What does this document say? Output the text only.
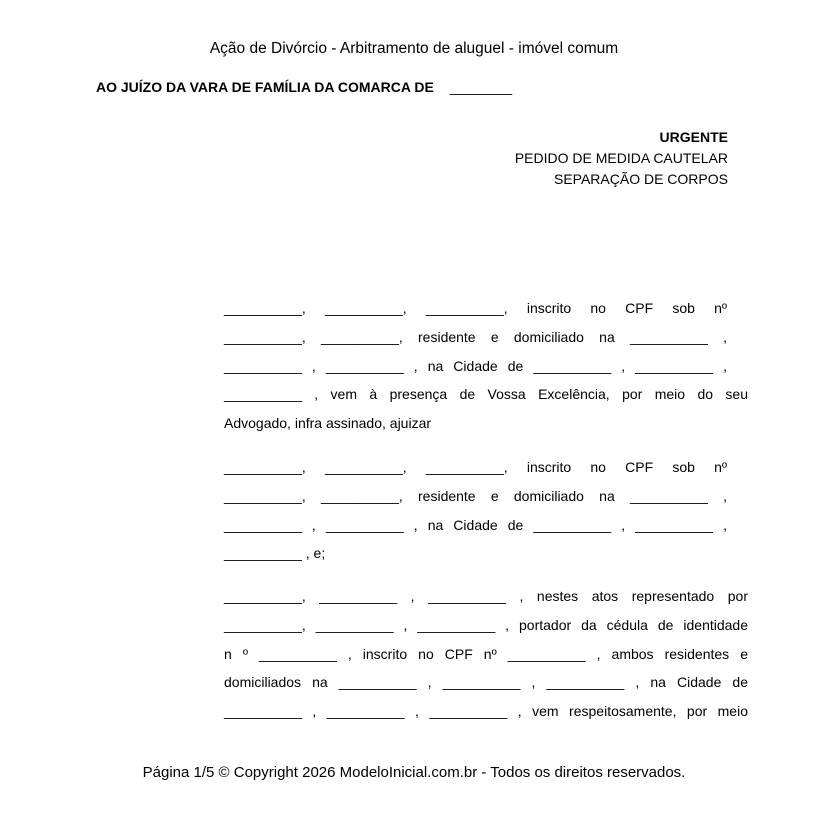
Ação de Divórcio - Arbitramento de aluguel - imóvel comum
AO JUÍZO DA VARA DE FAMÍLIA DA COMARCA DE ________
URGENTE
PEDIDO DE MEDIDA CAUTELAR
SEPARAÇÃO DE CORPOS
__________, __________, __________, inscrito no CPF sob nº
__________, __________, residente e domiciliado na __________ ,
__________ , __________ , na Cidade de __________ , __________ ,
__________ , vem à presença de Vossa Excelência, por meio do seu
Advogado, infra assinado, ajuizar
__________, __________, __________, inscrito no CPF sob nº
__________, __________, residente e domiciliado na __________ ,
__________ , __________ , na Cidade de __________ , __________ ,
__________ , e;
__________, __________ , __________ , nestes atos representado por
__________, __________ , __________ , portador da cédula de identidade
n º __________ , inscrito no CPF nº __________ , ambos residentes e
domiciliados na __________ , __________ , __________ , na Cidade de
__________ , __________ , __________ , vem respeitosamente, por meio
Página 1/5 © Copyright 2026 ModeloInicial.com.br - Todos os direitos reservados.
